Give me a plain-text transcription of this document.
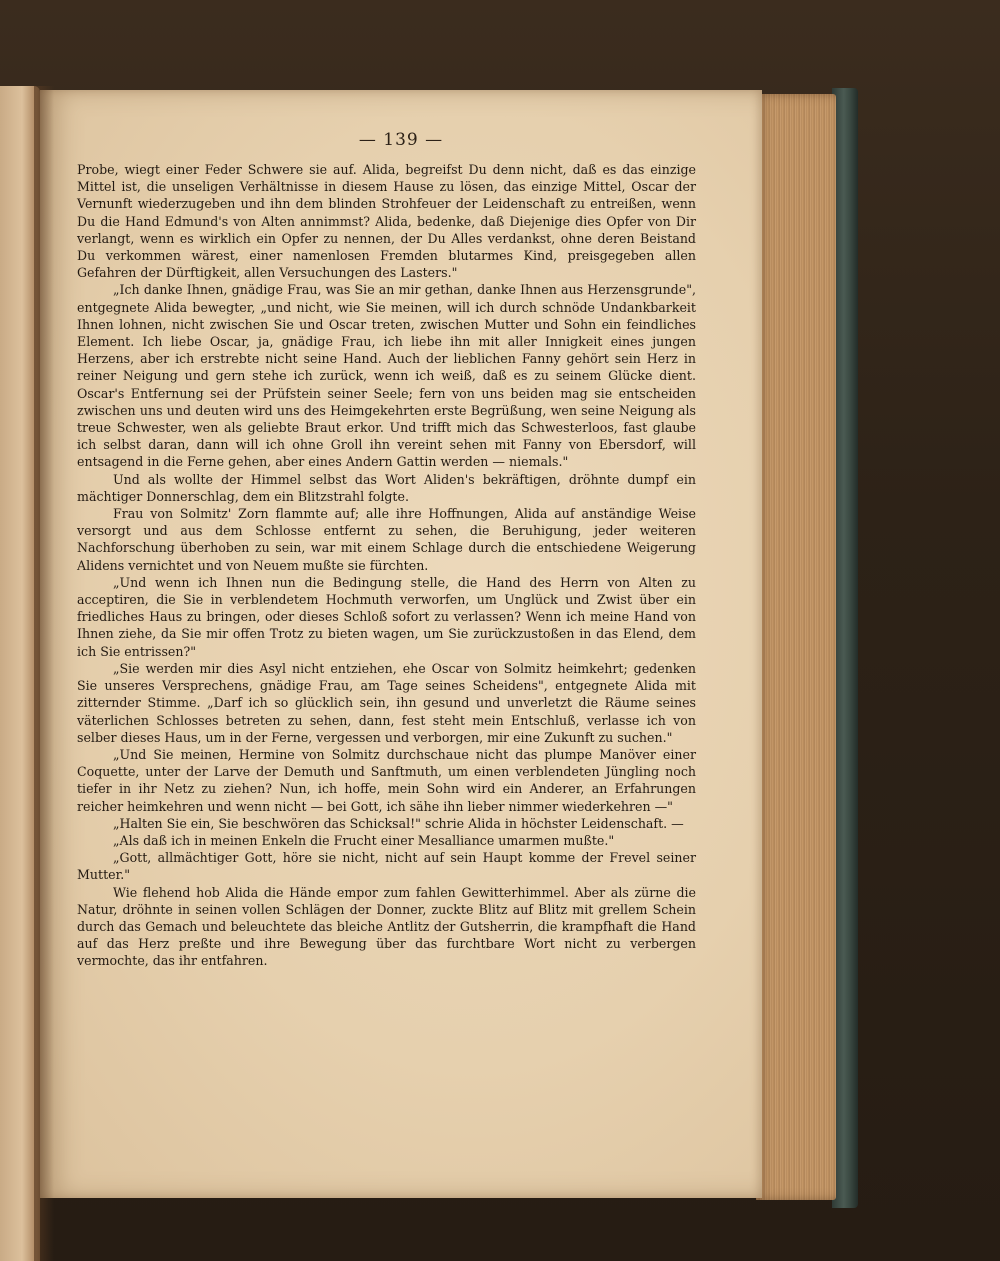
— 139 —

Probe, wiegt einer Feder Schwere sie auf. Alida, begreifst Du denn nicht, daß es das einzige Mittel ist, die unseligen Verhältnisse in diesem Hause zu lösen, das einzige Mittel, Oscar der Vernunft wiederzugeben und ihn dem blinden Strohfeuer der Leidenschaft zu entreißen, wenn Du die Hand Edmund's von Alten annimmst? Alida, bedenke, daß Diejenige dies Opfer von Dir verlangt, wenn es wirklich ein Opfer zu nennen, der Du Alles verdankst, ohne deren Beistand Du verkommen wärest, einer namenlosen Fremden blutarmes Kind, preisgegeben allen Gefahren der Dürftigkeit, allen Versuchungen des Lasters."

„Ich danke Ihnen, gnädige Frau, was Sie an mir gethan, danke Ihnen aus Herzensgrunde", entgegnete Alida bewegter, „und nicht, wie Sie meinen, will ich durch schnöde Undankbarkeit Ihnen lohnen, nicht zwischen Sie und Oscar treten, zwischen Mutter und Sohn ein feindliches Element. Ich liebe Oscar, ja, gnädige Frau, ich liebe ihn mit aller Innigkeit eines jungen Herzens, aber ich erstrebte nicht seine Hand. Auch der lieblichen Fanny gehört sein Herz in reiner Neigung und gern stehe ich zurück, wenn ich weiß, daß es zu seinem Glücke dient. Oscar's Entfernung sei der Prüfstein seiner Seele; fern von uns beiden mag sie entscheiden zwischen uns und deuten wird uns des Heimgekehrten erste Begrüßung, wen seine Neigung als treue Schwester, wen als geliebte Braut erkor. Und trifft mich das Schwesterloos, fast glaube ich selbst daran, dann will ich ohne Groll ihn vereint sehen mit Fanny von Ebersdorf, will entsagend in die Ferne gehen, aber eines Andern Gattin werden — niemals."

Und als wollte der Himmel selbst das Wort Aliden's bekräftigen, dröhnte dumpf ein mächtiger Donnerschlag, dem ein Blitzstrahl folgte.

Frau von Solmitz' Zorn flammte auf; alle ihre Hoffnungen, Alida auf anständige Weise versorgt und aus dem Schlosse entfernt zu sehen, die Beruhigung, jeder weiteren Nachforschung überhoben zu sein, war mit einem Schlage durch die entschiedene Weigerung Alidens vernichtet und von Neuem mußte sie fürchten.

„Und wenn ich Ihnen nun die Bedingung stelle, die Hand des Herrn von Alten zu acceptiren, die Sie in verblendetem Hochmuth verworfen, um Unglück und Zwist über ein friedliches Haus zu bringen, oder dieses Schloß sofort zu verlassen? Wenn ich meine Hand von Ihnen ziehe, da Sie mir offen Trotz zu bieten wagen, um Sie zurückzustoßen in das Elend, dem ich Sie entrissen?"

„Sie werden mir dies Asyl nicht entziehen, ehe Oscar von Solmitz heimkehrt; gedenken Sie unseres Versprechens, gnädige Frau, am Tage seines Scheidens", entgegnete Alida mit zitternder Stimme. „Darf ich so glücklich sein, ihn gesund und unverletzt die Räume seines väterlichen Schlosses betreten zu sehen, dann, fest steht mein Entschluß, verlasse ich von selber dieses Haus, um in der Ferne, vergessen und verborgen, mir eine Zukunft zu suchen."

„Und Sie meinen, Hermine von Solmitz durchschaue nicht das plumpe Manöver einer Coquette, unter der Larve der Demuth und Sanftmuth, um einen verblendeten Jüngling noch tiefer in ihr Netz zu ziehen? Nun, ich hoffe, mein Sohn wird ein Anderer, an Erfahrungen reicher heimkehren und wenn nicht — bei Gott, ich sähe ihn lieber nimmer wiederkehren —"

„Halten Sie ein, Sie beschwören das Schicksal!" schrie Alida in höchster Leidenschaft. —

„Als daß ich in meinen Enkeln die Frucht einer Mesalliance umarmen mußte."

„Gott, allmächtiger Gott, höre sie nicht, nicht auf sein Haupt komme der Frevel seiner Mutter."

Wie flehend hob Alida die Hände empor zum fahlen Gewitterhimmel. Aber als zürne die Natur, dröhnte in seinen vollen Schlägen der Donner, zuckte Blitz auf Blitz mit grellem Schein durch das Gemach und beleuchtete das bleiche Antlitz der Gutsherrin, die krampfhaft die Hand auf das Herz preßte und ihre Bewegung über das furchtbare Wort nicht zu verbergen vermochte, das ihr entfahren.
